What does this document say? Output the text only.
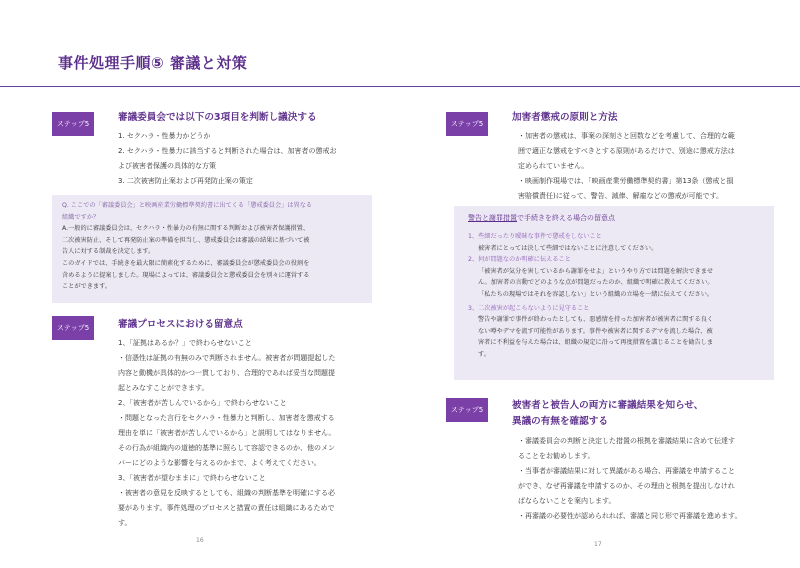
事件処理手順⑤ 審議と対策
ステップ5
審議委員会では以下の3項目を判断し議決する

1. セクハラ・性暴力かどうか

2. セクハラ・性暴力に該当すると判断された場合は、加害者の懲戒お

よび被害者保護の具体的な方策

3. 二次被害防止案および再発防止案の策定

Q. ここでの「審議委員会」と映画産業労働標準契約書に出てくる「懲戒委員会」は異なる

組織ですか？

A.一般的に審議委員会は、セクハラ・性暴力の有無に関する判断および被害者保護措置、

二次被害防止、そして再発防止案の準備を担当し、懲戒委員会は審議の結果に基づいて被

告人に対する制裁を決定します。

このガイドでは、手続きを最大限に簡素化するために、審議委員会が懲戒委員会の役割を

含めるように提案しました。現場によっては、審議委員会と懲戒委員会を別々に運営する

ことができます。

ステップ5	審議プロセスにおける留意点

1、「証拠はあるか？」で終わらせないこと

・信憑性は証拠の有無のみで判断されません。被害者が問題提起した

内容と動機が具体的かつ一貫しており、合理的であれば妥当な問題提

起とみなすことができます。

2、「被害者が苦しんでいるから」で終わらせないこと

・問題となった言行をセクハラ・性暴力と判断し、加害者を懲戒する

理由を単に「被害者が苦しんでいるから」と説明してはなりません。

その行為が組織内の道徳的基準に照らして容認できるのか、他のメン

バーにどのような影響を与えるのかまで、よく考えてください。

3、「被害者が望むままに」で終わらせないこと

・被害者の意見を反映するとしても、組織の判断基準を明確にする必

要があります。事件処理のプロセスと措置の責任は組織にあるためで

す。

16
ステップ5
加害者懲戒の原則と方法

・加害者の懲戒は、事案の深刻さと回数などを考慮して、合理的な範

囲で適正な懲戒をすべきとする原則があるだけで、別途に懲戒方法は

定められていません。

・映画制作現場では、「映画産業労働標準契約書」第13条（懲戒と損

害賠償責任)に従って、警告、減俸、解雇などの懲戒が可能です。

警告と謝罪措置で手続きを終える場合の留意点

1、些細だったり曖昧な事件で懲戒をしないこと

被害者にとっては決して些細ではないことに注意してください。

2、何が問題なのか明確に伝えること

「被害者が気分を害しているから謝罪をせよ」というやり方では問題を解決できませ

ん。加害者の言動でどのような点が問題だったのか、組織で明確に教えてください。

「私たちの現場ではそれを容認しない」という組織の立場を一緒に伝えてください。

3、二次被害が起こらないように見守ること

警告や謝罪で事件が終わったとしても、悪感情を持った加害者が被害者に関する良く

ない噂やデマを流す可能性があります。事件や被害者に関するデマを流した場合、被

害者に不利益を与えた場合は、組織の規定に沿って再度措置を講じることを勧告しま

す。

ステップ5	被害者と被告人の両方に審議結果を知らせ、
異議の有無を確認する

・審議委員会の判断と決定した措置の根拠を審議結果に含めて伝達す

ることをお勧めします。

・当事者が審議結果に対して異議がある場合、再審議を申請すること

ができ、なぜ再審議を申請するのか、その理由と根拠を提出しなけれ

ばならないことを案内します。

・再審議の必要性が認められれば、審議と同じ形で再審議を進めます。

17
